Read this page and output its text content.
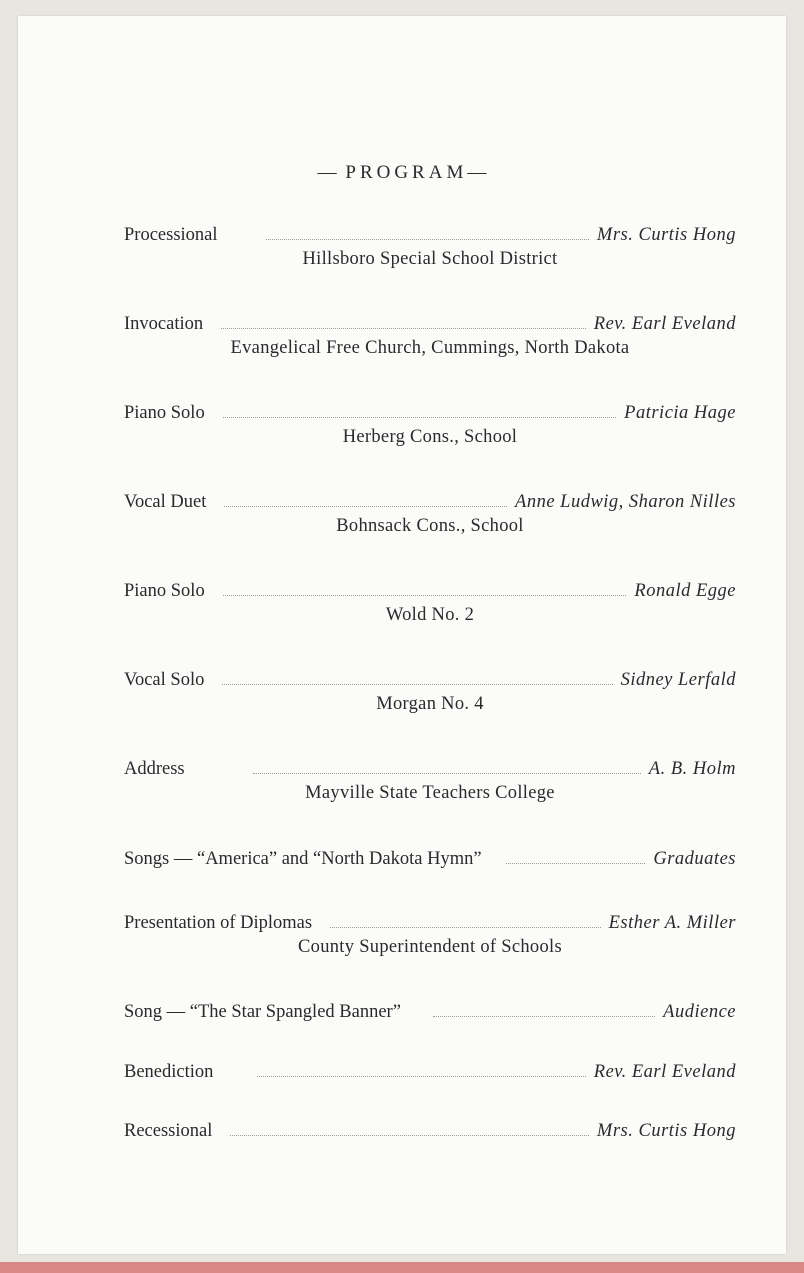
— PROGRAM—
Processional	Mrs. Curtis Hong
Hillsboro Special School District
Invocation	Rev. Earl Eveland
Evangelical Free Church, Cummings, North Dakota
Piano Solo	Patricia Hage
Herberg Cons., School
Vocal Duet	Anne Ludwig, Sharon Nilles
Bohnsack Cons., School
Piano Solo	Ronald Egge
Wold No. 2
Vocal Solo	Sidney Lerfald
Morgan No. 4
Address	A. B. Holm
Mayville State Teachers College
Songs — “America” and “North Dakota Hymn”	Graduates
Presentation of Diplomas	Esther A. Miller
County Superintendent of Schools
Song — “The Star Spangled Banner”	Audience
Benediction	Rev. Earl Eveland
Recessional	Mrs. Curtis Hong
